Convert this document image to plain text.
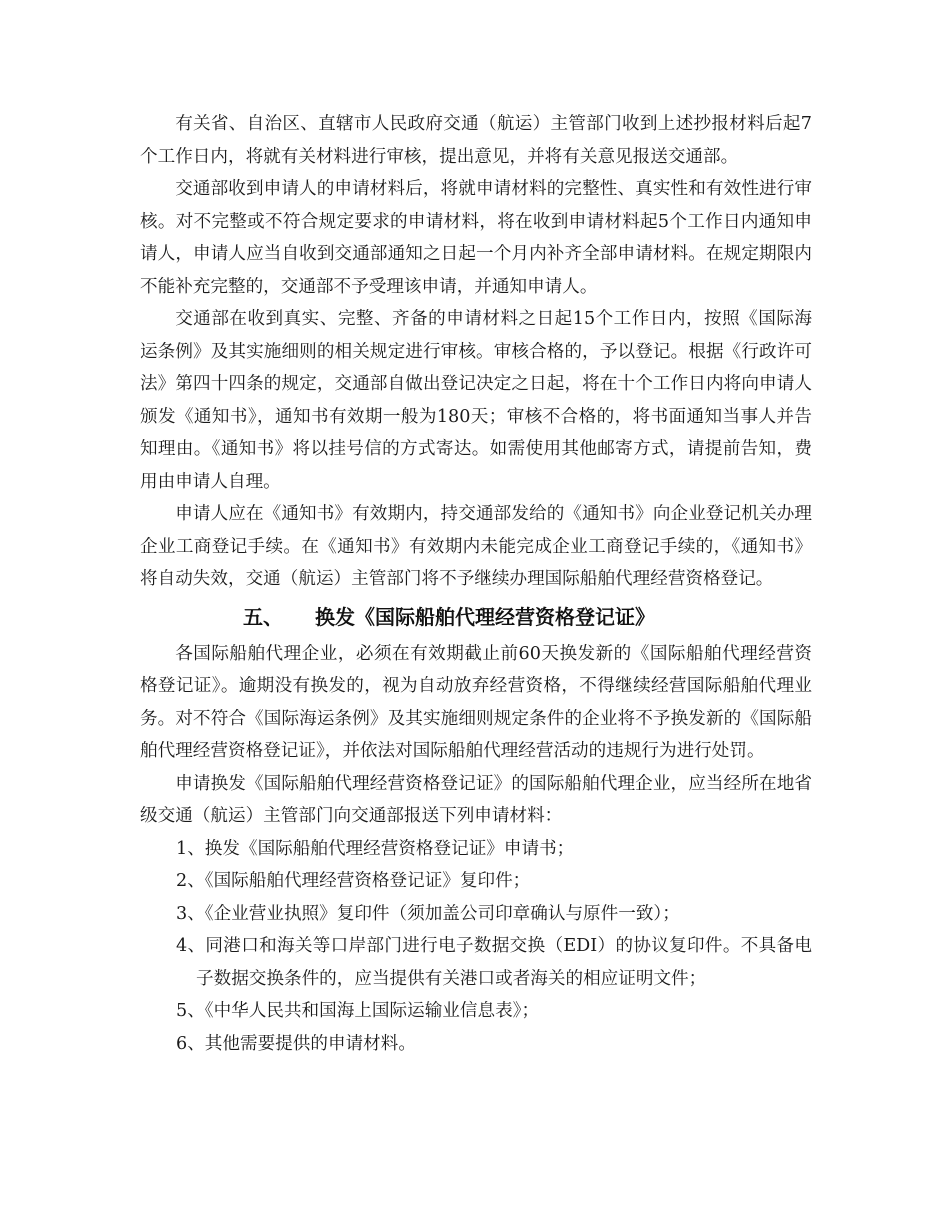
有关省、自治区、直辖市人民政府交通（航运）主管部门收到上述抄报材料后起7个工作日内，将就有关材料进行审核，提出意见，并将有关意见报送交通部。

交通部收到申请人的申请材料后，将就申请材料的完整性、真实性和有效性进行审核。对不完整或不符合规定要求的申请材料，将在收到申请材料起5个工作日内通知申请人，申请人应当自收到交通部通知之日起一个月内补齐全部申请材料。在规定期限内不能补充完整的，交通部不予受理该申请，并通知申请人。

交通部在收到真实、完整、齐备的申请材料之日起15个工作日内，按照《国际海运条例》及其实施细则的相关规定进行审核。审核合格的，予以登记。根据《行政许可法》第四十四条的规定，交通部自做出登记决定之日起，将在十个工作日内将向申请人颁发《通知书》，通知书有效期一般为180天；审核不合格的，将书面通知当事人并告知理由。《通知书》将以挂号信的方式寄达。如需使用其他邮寄方式，请提前告知，费用由申请人自理。

申请人应在《通知书》有效期内，持交通部发给的《通知书》向企业登记机关办理企业工商登记手续。在《通知书》有效期内未能完成企业工商登记手续的，《通知书》将自动失效，交通（航运）主管部门将不予继续办理国际船舶代理经营资格登记。

五、 换发《国际船舶代理经营资格登记证》

各国际船舶代理企业，必须在有效期截止前60天换发新的《国际船舶代理经营资格登记证》。逾期没有换发的，视为自动放弃经营资格，不得继续经营国际船舶代理业务。对不符合《国际海运条例》及其实施细则规定条件的企业将不予换发新的《国际船舶代理经营资格登记证》，并依法对国际船舶代理经营活动的违规行为进行处罚。

申请换发《国际船舶代理经营资格登记证》的国际船舶代理企业，应当经所在地省级交通（航运）主管部门向交通部报送下列申请材料：

1、换发《国际船舶代理经营资格登记证》申请书；
2、《国际船舶代理经营资格登记证》复印件；
3、《企业营业执照》复印件（须加盖公司印章确认与原件一致）；
4、同港口和海关等口岸部门进行电子数据交换（EDI）的协议复印件。不具备电子数据交换条件的，应当提供有关港口或者海关的相应证明文件；
5、《中华人民共和国海上国际运输业信息表》；
6、其他需要提供的申请材料。
